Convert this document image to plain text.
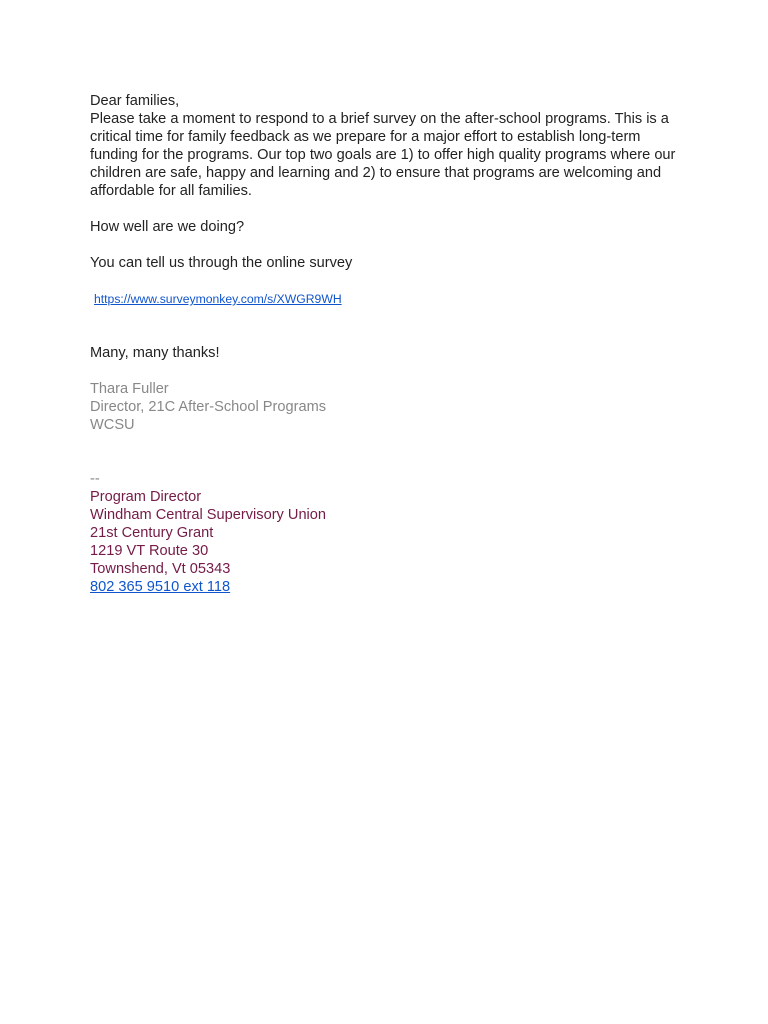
Dear families,

Please take a moment to respond to a brief survey on the after-school programs. This is a critical time for family feedback as we prepare for a major effort to establish long-term funding for the programs. Our top two goals are 1) to offer high quality programs where our children are safe, happy and learning and 2) to ensure that programs are welcoming and affordable for all families.

How well are we doing?

You can tell us through the online survey

https://www.surveymonkey.com/s/XWGR9WH

Many, many thanks!

Thara Fuller

Director, 21C After-School Programs

WCSU

--

Program Director

Windham Central Supervisory Union

21st Century Grant

1219 VT Route 30

Townshend, Vt 05343

802 365 9510 ext 118
